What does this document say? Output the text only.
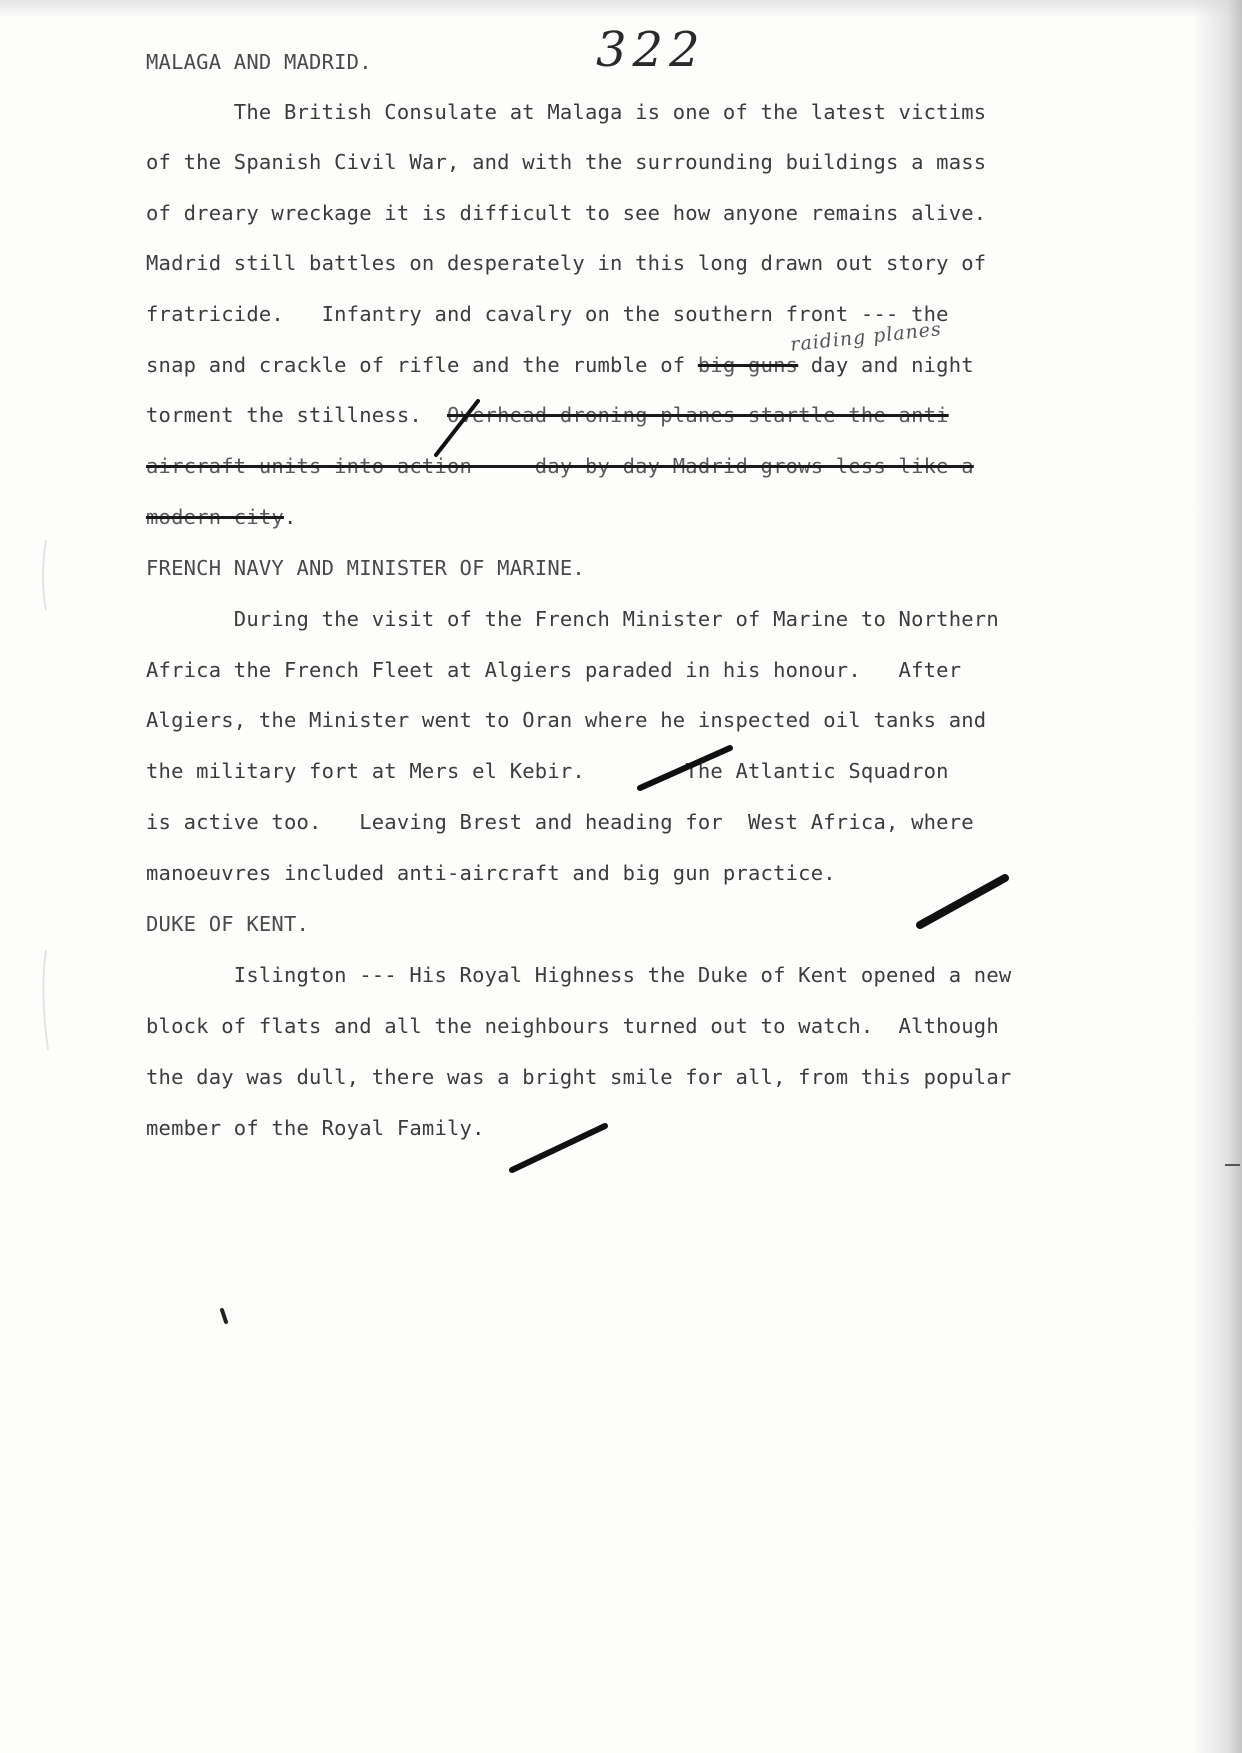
322
MALAGA AND MADRID.
The British Consulate at Malaga is one of the latest victims
of the Spanish Civil War, and with the surrounding buildings a mass
of dreary wreckage it is difficult to see how anyone remains alive.
Madrid still battles on desperately in this long drawn out story of
fratricide.   Infantry and cavalry on the southern front --- the
snap and crackle of rifle and the rumble of big guns day and night
raiding planes
torment the stillness.  Overhead droning planes startle the anti
aircraft units into action --- day by day Madrid grows less like a
modern city.
FRENCH NAVY AND MINISTER OF MARINE.
During the visit of the French Minister of Marine to Northern
Africa the French Fleet at Algiers paraded in his honour.   After
Algiers, the Minister went to Oran where he inspected oil tanks and
the military fort at Mers el Kebir.        The Atlantic Squadron
is active too.   Leaving Brest and heading for  West Africa, where
manoeuvres included anti-aircraft and big gun practice.
DUKE OF KENT.
Islington --- His Royal Highness the Duke of Kent opened a new
block of flats and all the neighbours turned out to watch.  Although
the day was dull, there was a bright smile for all, from this popular
member of the Royal Family.
